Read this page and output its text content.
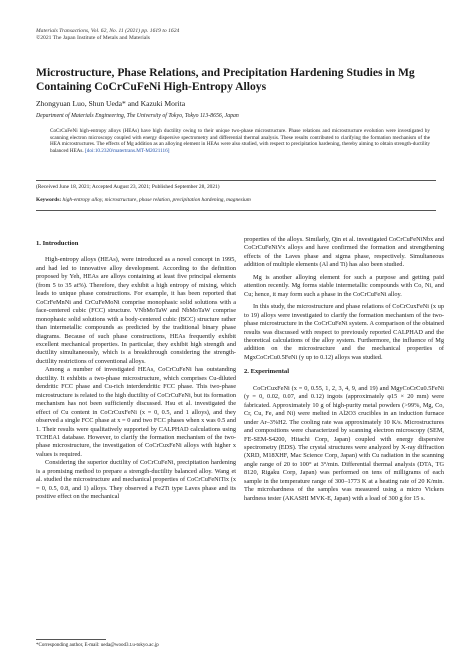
Materials Transactions, Vol. 62, No. 11 (2021) pp. 1619 to 1624
©2021 The Japan Institute of Metals and Materials
Microstructure, Phase Relations, and Precipitation Hardening Studies in Mg
Containing CoCrCuFeNi High-Entropy Alloys
Zhongyuan Luo, Shun Ueda* and Kazuki Morita
Department of Materials Engineering, The University of Tokyo, Tokyo 113-8656, Japan
CoCrCuFeNi high-entropy alloys (HEAs) have high ductility owing to their unique two-phase microstructure. Phase relations and microstructure evolution were investigated by scanning electron microscopy coupled with energy dispersive spectrometry and differential thermal analysis. These results contributed to clarifying the formation mechanism of the HEA microstructures. The effects of Mg addition as an alloying element in HEAs were also studied, with respect to precipitation hardening, thereby aiming to obtain strength-ductility balanced HEAs. [doi:10.2320/matertrans.MT-M2021116]
(Received June 18, 2021; Accepted August 23, 2021; Published September 28, 2021)
Keywords: high-entropy alloy, microstructure, phase relation, precipitation hardening, magnesium
1. Introduction

High-entropy alloys (HEAs), were introduced as a novel concept in 1995, and had led to innovative alloy development. According to the definition proposed by Yeh, HEAs are alloys containing at least five principal elements (from 5 to 35 at%). Therefore, they exhibit a high entropy of mixing, which leads to unique phase constructions. For example, it has been reported that CoCrFeMnNi and CrCuFeMoNi comprise monophasic solid solutions with a face-centered cubic (FCC) structure. VNbMoTaW and NbMoTaW comprise monophasic solid solutions with a body-centered cubic (BCC) structure rather than intermetallic compounds as predicted by the traditional binary phase diagrams. Because of such phase constructions, HEAs frequently exhibit excellent mechanical properties. In particular, they exhibit high strength and ductility simultaneously, which is a breakthrough considering the strength-ductility restrictions of conventional alloys.

Among a number of investigated HEAs, CoCrCuFeNi has outstanding ductility. It exhibits a two-phase microstructure, which comprises Cu-diluted dendritic FCC phase and Cu-rich interdendritic FCC phase. This two-phase microstructure is related to the high ductility of CoCrCuFeNi, but its formation mechanism has not been sufficiently discussed. Hsu et al. investigated the effect of Cu content in CoCrCuxFeNi (x = 0, 0.5, and 1 alloys), and they observed a single FCC phase at x = 0 and two FCC phases when x was 0.5 and 1. Their results were qualitatively supported by CALPHAD calculations using TCHEA1 database. However, to clarify the formation mechanism of the two-phase microstructure, the investigation of CoCrCuxFeNi alloys with higher x values is required.

Considering the superior ductility of CoCrCuFeNi, precipitation hardening is a promising method to prepare a strength-ductility balanced alloy. Wang et al. studied the microstructure and mechanical properties of CoCrCuFeNiTix (x = 0, 0.5, 0.8, and 1) alloys. They observed a Fe2Ti type Laves phase and its positive effect on the mechanical

properties of the alloys. Similarly, Qin et al. investigated CoCrCuFeNiNbx and CoCrCuFeNiVx alloys and have confirmed the formation and strengthening effects of the Laves phase and sigma phase, respectively. Simultaneous addition of multiple elements (Al and Ti) has also been studied.

Mg is another alloying element for such a purpose and getting paid attention recently. Mg forms stable intermetallic compounds with Co, Ni, and Cu; hence, it may form such a phase in the CoCrCuFeNi alloy.

In this study, the microstructure and phase relations of CoCrCuxFeNi (x up to 19) alloys were investigated to clarify the formation mechanism of the two-phase microstructure in the CoCrCuFeNi system. A comparison of the obtained results was discussed with respect to previously reported CALPHAD and the theoretical calculations of the alloy system. Furthermore, the influence of Mg addition on the microstructure and the mechanical properties of MgxCoCrCu0.5FeNi (y up to 0.12) alloys was studied.

2. Experimental

CoCrCuxFeNi (x = 0, 0.55, 1, 2, 3, 4, 9, and 19) and MgyCoCrCu0.5FeNi (y = 0, 0.02, 0.07, and 0.12) ingots (approximately φ15 × 20 mm) were fabricated. Approximately 10 g of high-purity metal powders (>99%, Mg, Co, Cr, Cu, Fe, and Ni) were melted in Al2O3 crucibles in an induction furnace under Ar–3%H2. The cooling rate was approximately 10 K/s. Microstructures and compositions were characterized by scanning electron microscopy (SEM, FE-SEM-S4200, Hitachi Corp, Japan) coupled with energy dispersive spectrometry (EDS). The crystal structures were analyzed by X-ray diffraction (XRD, M18XHF, Mac Science Corp, Japan) with Cu radiation in the scanning angle range of 20 to 100° at 3°/min. Differential thermal analysis (DTA, TG 8120, Rigaku Corp, Japan) was performed on tens of milligrams of each sample in the temperature range of 300–1773 K at a heating rate of 20 K/min. The microhardness of the samples was measured using a micro Vickers hardness tester (AKASHI MVK-E, Japan) with a load of 300 g for 15 s.

*Corresponding author, E-mail: ueda@wood3.t.u-tokyo.ac.jp
